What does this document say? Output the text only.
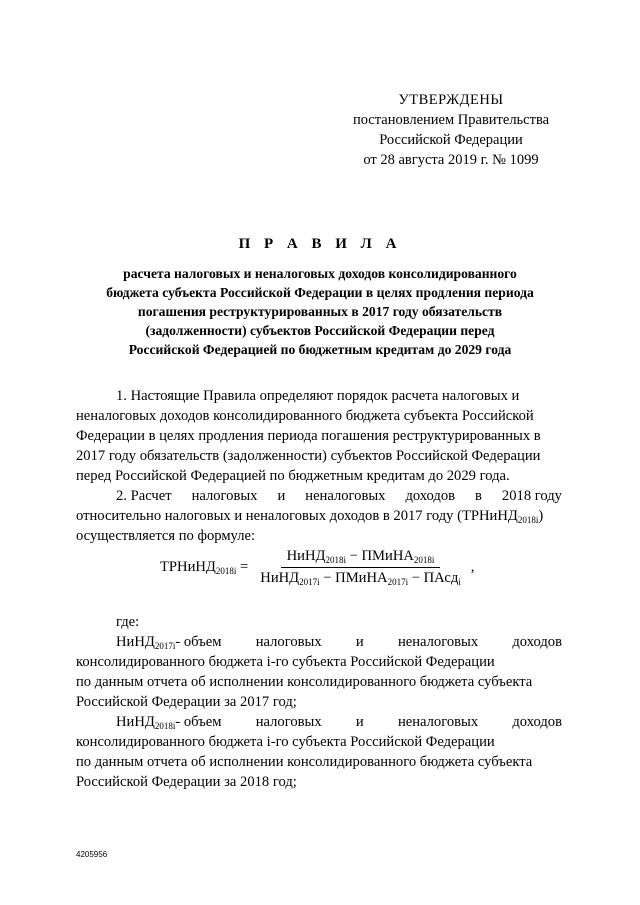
УТВЕРЖДЕНЫ
постановлением Правительства
Российской Федерации
от 28 августа 2019 г. № 1099
П Р А В И Л А
расчета налоговых и неналоговых доходов консолидированного
бюджета субъекта Российской Федерации в целях продления периода
погашения реструктурированных в 2017 году обязательств
(задолженности) субъектов Российской Федерации перед
Российской Федерацией по бюджетным кредитам до 2029 года
1. Настоящие Правила определяют порядок расчета налоговых и
неналоговых доходов консолидированного бюджета субъекта Российской
Федерации в целях продления периода погашения реструктурированных в
2017 году обязательств (задолженности) субъектов Российской Федерации
перед Российской Федерацией по бюджетным кредитам до 2029 года.
2. Расчет налоговых и неналоговых доходов в 2018 году
относительно налоговых и неналоговых доходов в 2017 году (ТРНиНД$_{2018i}$)
осуществляется по формуле:
ТРНиНД$_{2018i}$ = $\frac{НиНД_{2018i} - ПМиНА_{2018i}}{НиНД_{2017i} - ПМиНА_{2017i} - ПАсд_i}$ ,
где:
НиНД$_{2017i}$- объем налоговых и неналоговых доходов
консолидированного бюджета i-го субъекта Российской Федерации
по данным отчета об исполнении консолидированного бюджета субъекта
Российской Федерации за 2017 год;
НиНД$_{2018i}$- объем налоговых и неналоговых доходов
консолидированного бюджета i-го субъекта Российской Федерации
по данным отчета об исполнении консолидированного бюджета субъекта
Российской Федерации за 2018 год;
4205956
